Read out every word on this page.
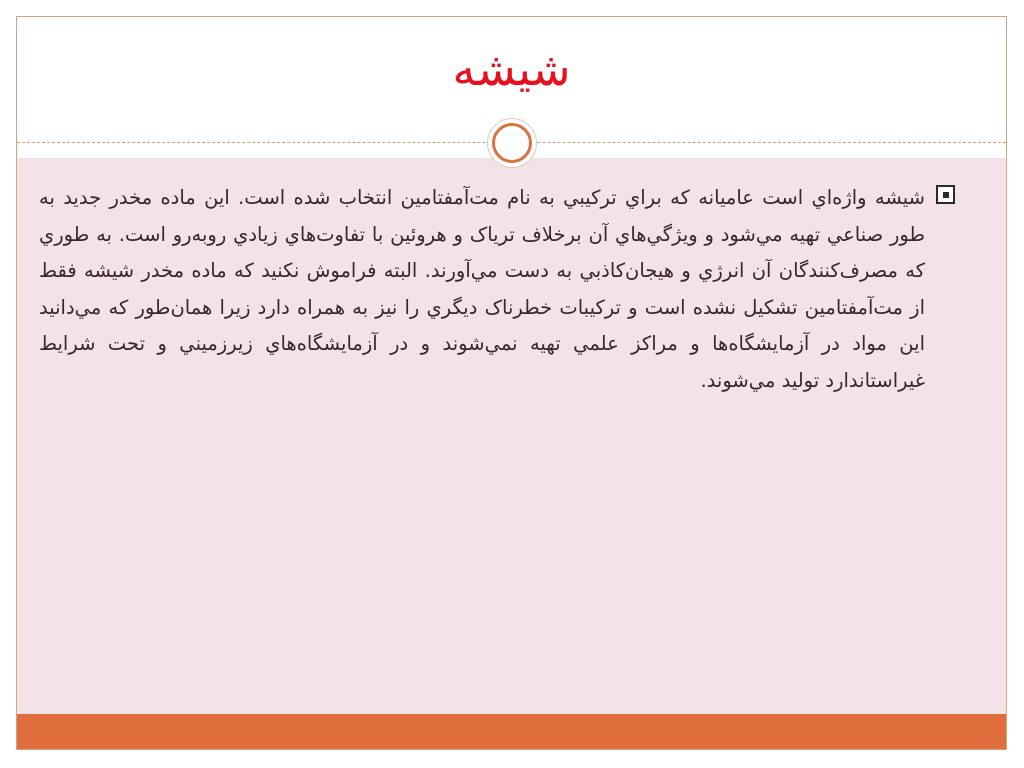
شیشه
شيشه واژه‌اي است عاميانه كه براي تركيبي به نام مت‌آمفتامين انتخاب شده است. اين ماده مخدر جديد به طور صناعي تهيه مي‌شود و ويژگي‌هاي آن برخلاف ترياک و هروئين با تفاوت‌هاي زيادي روبه‌رو است. به طوري كه مصرف‌كنندگان آن انرژي و هيجان‌كاذبي به دست مي‌آورند. البته فراموش نكنيد كه ماده مخدر شيشه فقط از مت‌آمفتامين تشكيل نشده است و تركيبات خطرناک ديگري را نيز به همراه دارد زيرا همان‌طور كه مي‌دانيد اين مواد در آزمايشگاه‌ها و مراكز علمي تهيه نمي‌شوند و در آزمايشگاه‌هاي زيرزميني و تحت شرايط غيراستاندارد توليد مي‌شوند.
